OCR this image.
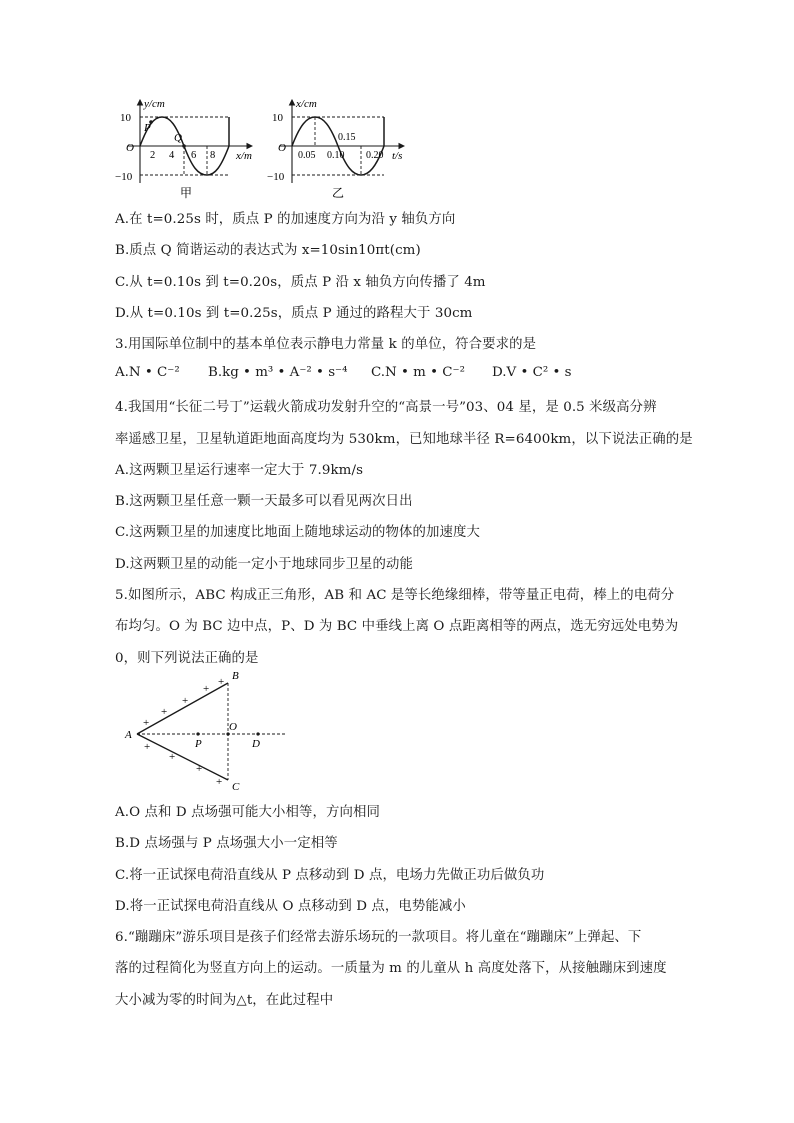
y/cm
x/m
O
10
−10
2 4 6 8
P
Q
甲
x/cm
t/s
O
10
−10
0.05 0.10
0.15
0.20
乙
A.在 t=0.25s 时，质点 P 的加速度方向为沿 y 轴负方向
B.质点 Q 简谐运动的表达式为 x=10sin10πt(cm)
C.从 t=0.10s 到 t=0.20s，质点 P 沿 x 轴负方向传播了 4m
D.从 t=0.10s 到 t=0.25s，质点 P 通过的路程大于 30cm
3.用国际单位制中的基本单位表示静电力常量 k 的单位，符合要求的是
A.N • C⁻² B.kg • m³ • A⁻² • s⁻⁴ C.N • m • C⁻² D.V • C² • s
4.我国用“长征二号丁”运载火箭成功发射升空的“高景一号”03、04 星，是 0.5 米级高分辨
率遥感卫星，卫星轨道距地面高度均为 530km，已知地球半径 R=6400km，以下说法正确的是
A.这两颗卫星运行速率一定大于 7.9km/s
B.这两颗卫星任意一颗一天最多可以看见两次日出
C.这两颗卫星的加速度比地面上随地球运动的物体的加速度大
D.这两颗卫星的动能一定小于地球同步卫星的动能
5.如图所示，ABC 构成正三角形，AB 和 AC 是等长绝缘细棒，带等量正电荷，棒上的电荷分
布均匀。O 为 BC 边中点，P、D 为 BC 中垂线上离 O 点距离相等的两点，选无穷远处电势为
0，则下列说法正确的是
A
B
C
O
P	D
+
+
+
+
+
+
+
+
+
A.O 点和 D 点场强可能大小相等，方向相同
B.D 点场强与 P 点场强大小一定相等
C.将一正试探电荷沿直线从 P 点移动到 D 点，电场力先做正功后做负功
D.将一正试探电荷沿直线从 O 点移动到 D 点，电势能减小
6.“蹦蹦床”游乐项目是孩子们经常去游乐场玩的一款项目。将儿童在“蹦蹦床”上弹起、下
落的过程简化为竖直方向上的运动。一质量为 m 的儿童从 h 高度处落下，从接触蹦床到速度
大小减为零的时间为△t，在此过程中
